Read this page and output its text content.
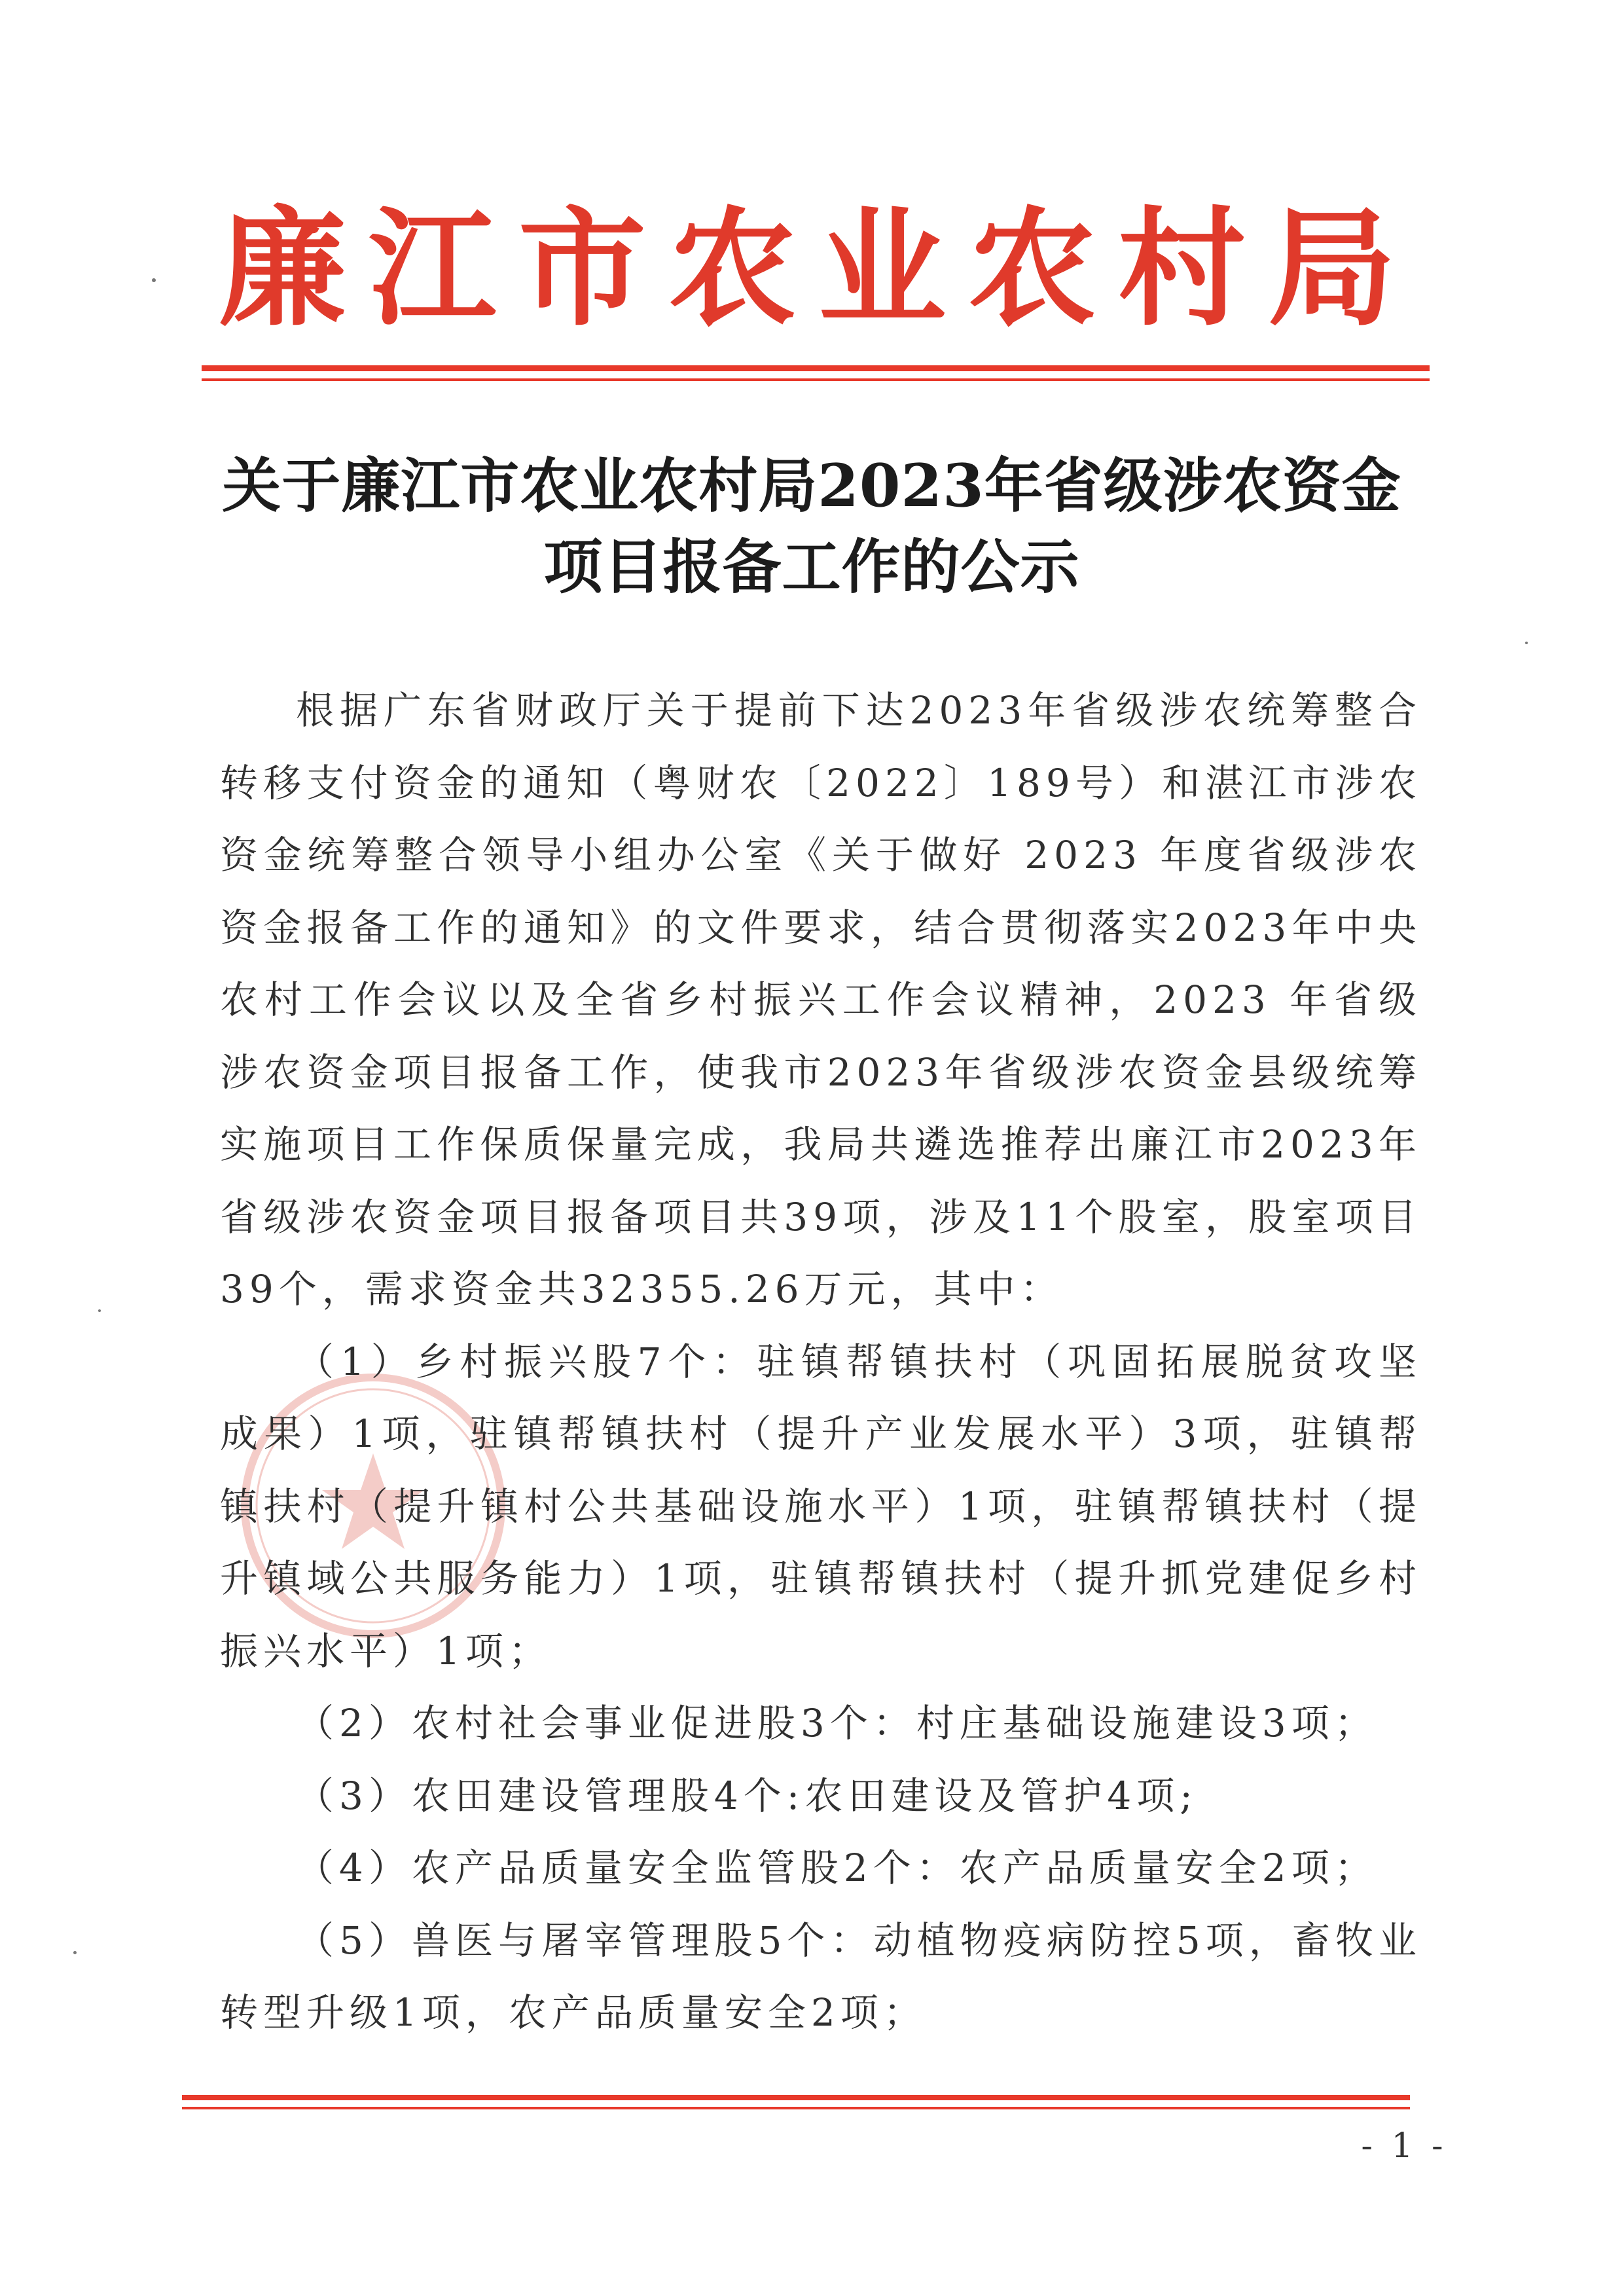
廉江市农业农村局
关于廉江市农业农村局2023年省级涉农资金
项目报备工作的公示

根据广东省财政厅关于提前下达2023年省级涉农统筹整合转移支付资金的通知（粤财农〔2022〕189号）和湛江市涉农资金统筹整合领导小组办公室《关于做好 2023 年度省级涉农资金报备工作的通知》的文件要求，结合贯彻落实2023年中央农村工作会议以及全省乡村振兴工作会议精神，2023 年省级涉农资金项目报备工作，使我市2023年省级涉农资金县级统筹实施项目工作保质保量完成，我局共遴选推荐出廉江市2023年省级涉农资金项目报备项目共39项，涉及11个股室，股室项目39个，需求资金共32355.26万元，其中：

（1）乡村振兴股7个：驻镇帮镇扶村（巩固拓展脱贫攻坚成果）1项，驻镇帮镇扶村（提升产业发展水平）3项，驻镇帮镇扶村（提升镇村公共基础设施水平）1项，驻镇帮镇扶村（提升镇域公共服务能力）1项，驻镇帮镇扶村（提升抓党建促乡村振兴水平）1项；

（2）农村社会事业促进股3个：村庄基础设施建设3项；

（3）农田建设管理股4个:农田建设及管护4项;

（4）农产品质量安全监管股2个：农产品质量安全2项；

（5）兽医与屠宰管理股5个：动植物疫病防控5项，畜牧业转型升级1项，农产品质量安全2项；

- 1 -
